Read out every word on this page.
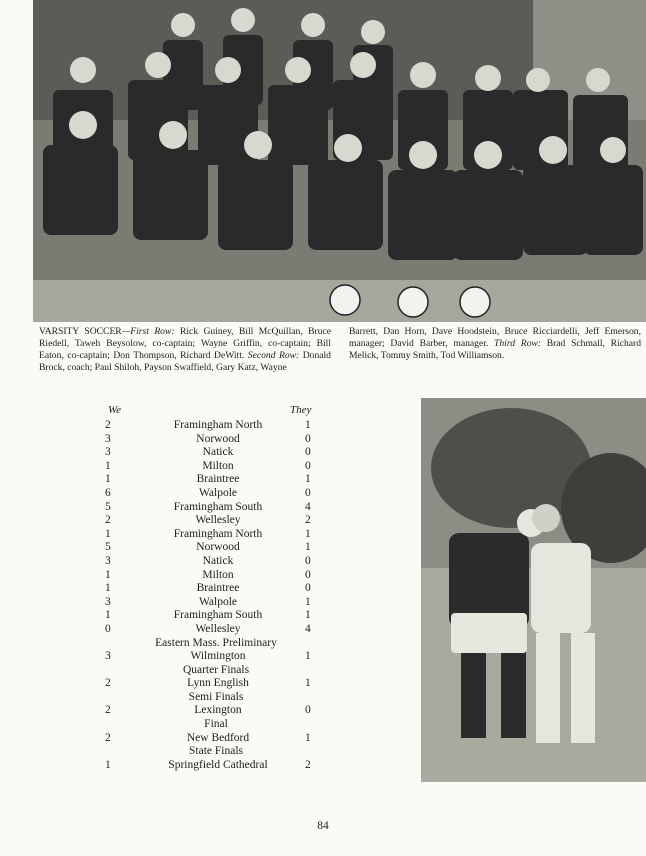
VARSITY SOCCER—First Row: Rick Guiney, Bill McQuillan, Bruce Riedell, Taweh Beysolow, co-captain; Wayne Griffin, co-captain; Bill Eaton, co-captain; Don Thompson, Richard DeWitt. Second Row: Donald Brock, coach; Paul Shiloh, Payson Swaffield, Gary Katz, Wayne
Barrett, Dan Horn, Dave Hoodstein, Bruce Ricciardelli, Jeff Emerson, manager; David Barber, manager. Third Row: Brad Schmall, Richard Melick, Tommy Smith, Tod Williamson.
We	They
2	Framingham North	1
3	Norwood	0
3	Natick	0
1	Milton	0
1	Braintree	1
6	Walpole	0
5	Framingham South	4
2	Wellesley	2
1	Framingham North	1
5	Norwood	1
3	Natick	0
1	Milton	0
1	Braintree	0
3	Walpole	1
1	Framingham South	1
0	Wellesley	4
Eastern Mass. Preliminary
3	Wilmington	1
Quarter Finals
2	Lynn English	1
Semi Finals
2	Lexington	0
Final
2	New Bedford	1
State Finals
1	Springfield Cathedral	2
84
